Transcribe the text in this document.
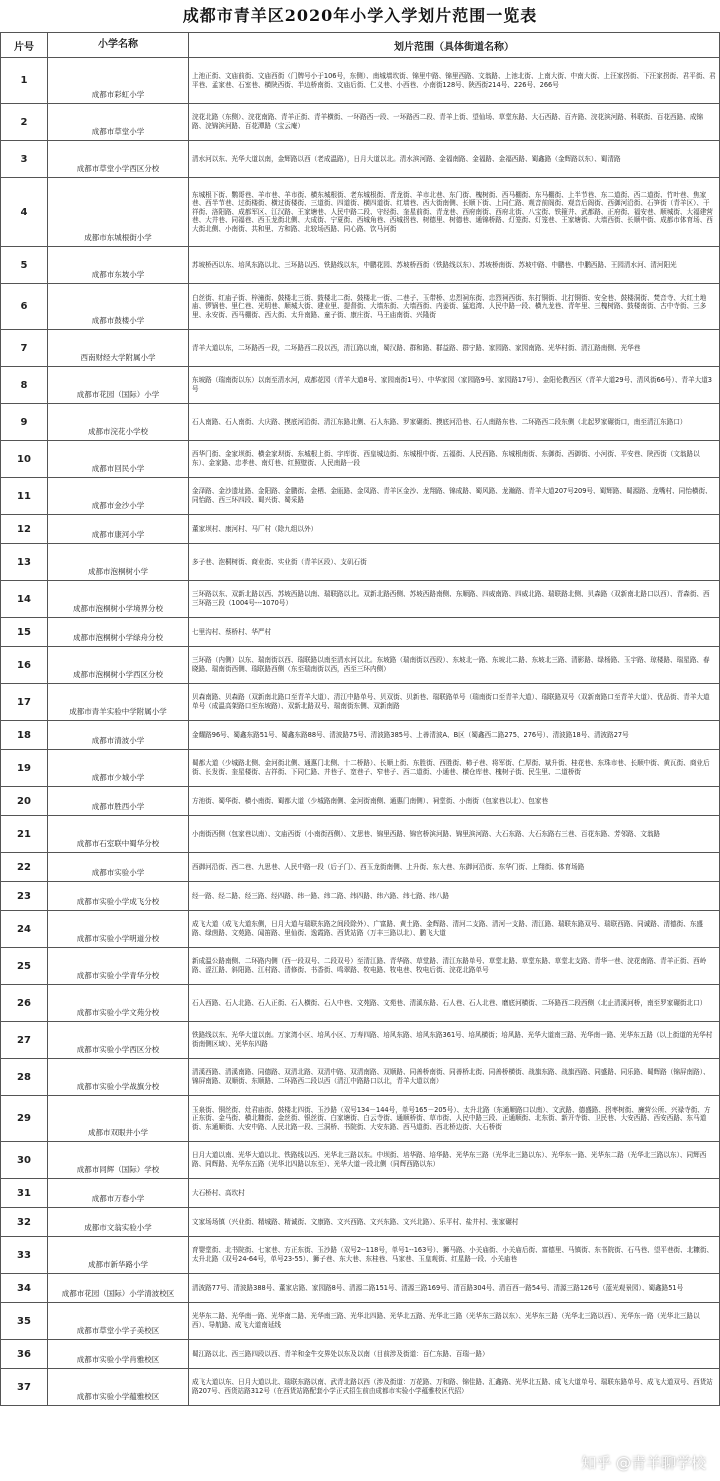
成都市青羊区2020年小学入学划片范围一览表
片号	小学名称	划片范围（具体街道名称）
1	成都市彩虹小学	上池正街、文庙前街、文庙西街（门牌号小于106号，东侧）、南城墙坎街、锦里中路、锦里西路、文翁路、上池北街、上南大街、中南大街、上汪家拐街、下汪家拐街、君平街、君平巷、孟家巷、石室巷、横陕西街、半边桥南街、文庙后街、仁义巷、小西巷、小南街128号、陕西街214号、226号、266号
2	成都市草堂小学	浣花北路（东侧）、浣花南路、青羊正街、青羊横街、一环路西一段、一环路西二段、青羊上街、望仙场、草堂东路、大石西路、百卉路、浣花滨河路、科联街、百花西路、成锦路、浣锦滨河路、百花潭路（宝云庵）
3	成都市草堂小学西区分校	清水河以东、光华大道以南，金辉路以西（老成温路），日月大道以北。清水滨河路、金福南路、金福路、金福西路、蜀鑫路（金辉路以东）、蜀清路
4	成都市东城根街小学	东城根下街、鹦哥巷、羊市巷、羊市街、横东城根街、老东城根街、青龙街、羊市北巷、东门街、槐树街、西马棚街、东马棚街、上半节巷、东二道街、西二道街、竹叶巷、焦家巷、西半节巷、过街楼街、横过街楼街、三道街、四道街、横四道街、红墙巷、西大街南侧、长顺下街、上同仁路、观音前阁街、观音后阁街、西御河沿街、石笋街（青羊区）、干祥街、洛阳路、成都军区、江汉路、王家塘巷、人民中路二段、守经街、奎星前街、青龙巷、西府南街、西府北街、八宝街、铁箍井、武都路、正府街、福安巷、顺城街、大福建营巷、大井巷、同福巷、西玉龙街北侧、大成街、宁夏街、西城角巷、西城拐巷、树德里、树德巷、通锦桥路、灯笼街、灯笼巷、王家塘街、大墙西街、长顺中街、成都市体育场、西大街北侧、小南街、共和里、方和路、北较场西路、同心路、饮马河街
5	成都市东坡小学	苏坡桥西以东、培风东路以北、三环路以西、铁路线以东，中鹏花园、苏坡桥西街（铁路线以东）、苏坡桥南街、苏坡中路、中鹏巷、中鹏西路、王园清水河、清河阳光
6	成都市鼓楼小学	白丝街、红庙子街、梓潼街、鼓楼北三街、鼓楼北二街、鼓楼北一街、二巷子、玉带桥、忠烈祠东街、忠烈祠西街、东打铜街、北打铜街、安全巷、鼓楼洞街、梵音寺、大红土地庙、锣锅巷、里仁巷、光明巷、顺城大街、建业里、提督街、大墙东街、大墙西街、内姜街、猛追湾、人民中路一段、横九龙巷、青年里、三槐树路、鼓楼南街、古中寺街、三多里、永安街、西马棚街、西大街、太升南路、童子街、康庄街、马王庙南街、兴隆街
7	西南财经大学附属小学	青羊大道以东，二环路西一段，二环路西二段以西，清江路以南，蜀汉路、群和路、群益路、群宁路、家园路、家园南路、光华村街、清江路南侧、光华巷
8	成都市花园（国际）小学	东坡路（瑞南街以东）以南至清水河，成都花园（青羊大道8号、家园南街1号）、中华家园（家园路9号、家园路17号）、金阳伦教西区（青羊大道29号、清风街66号）、青羊大道3号
9	成都市浣花小学校	石人南路、石人南街、大庆路、摸底河沿街、清江东路北侧、石人东路、罗家碾街、摸底河沿巷、石人南路东巷、二环路西二段东侧（北起罗家碾街口，南至清江东路口）
10	成都市回民小学	西华门街、金家坝街、横金家坝街、东城根上街、宇库街、西皇城边街、东城根中街、五福街、人民西路、东城根南街、东御街、西御街、小河街、平安巷、陕西街（文翁路以东）、金家路、忠孝巷、南灯巷、红照壁街、人民南路一段
11	成都市金沙小学	金泽路、金沙遗址路、金阳路、金鹏街、金栖、金瓯路、金凤路、青羊区金沙、龙翔路、锦成路、蜀风路、龙瀚路、青羊大道207号209号、蜀辉路、蜀源路、龙嘴村、同怡横街、同怡路、西三环四段、蜀兴街、蜀采路
12	成都市康河小学	董家坝村、康河村、马厂村（除九组以外）
13	成都市泡桐树小学	多子巷、泡桐树街、商业街、实业街（青羊区段）、支矶石街
14	成都市泡桐树小学境界分校	三环路以东、双新北路以西、苏坡西路以南、瑞联路以北。双新北路西侧、苏坡西路南侧、东顺路、四威南路、四威北路、瑞联路北侧、贝森路（双新南北路口以西）、青森街、西三环路三段（1004号---1070号）
15	成都市泡桐树小学绿舟分校	七里沟村、蔡桥村、华严村
16	成都市泡桐树小学西区分校	三环路（内侧）以东、瑞南街以西、瑞联路以南至清水河以北。东坡路（瑞南街以西段）、东坡北一路、东坡北二路、东坡北三路、清影路、绿杨路、玉宇路、琼楼路、瑞星路、春晓路、瑞南街西侧、瑞联路西侧（东至瑞南街以西，西至三环内侧）
17	成都市青羊实验中学附属小学	贝森南路、贝森路（双新南北路口至青羊大道）、清江中路单号、贝双街、贝新巷、瑞联路单号（瑞南街口至青羊大道）、瑞联路双号（双新南路口至青羊大道）、优品街、青羊大道单号（成温高架路口至东坡路）、双新北路双号、瑞南街东侧、双新南路
18	成都市清波小学	金耀路96号、蜀鑫东路51号、蜀鑫东路88号、清波路75号、清波路385号、上善清波A、B区（蜀鑫西二路275、276号）、清波路18号、清波路27号
19	成都市少城小学	蜀都大道（少城路北侧、金河街北侧、通惠门北侧、十二桥路）、长顺上街、东胜街、西胜街、柿子巷、将军街、仁厚街、斌升街、桂花巷、东珠市巷、长顺中街、黄瓦街、商业后街、长发街、奎星楼街、吉祥街、下同仁路、井巷子、宽巷子、窄巷子、西二道街、小通巷、横仓库巷、槐树子街、民生里、二道桥街
20	成都市胜西小学	方池街、蜀华街、横小南街、蜀都大道（少城路南侧、金河街南侧、通惠门南侧）、祠堂街、小南街（包家巷以北）、包家巷
21	成都市石室联中蜀华分校	小南街西侧（包家巷以南）、文庙西街（小南街西侧）、文思巷、锦里西路、锦官桥滨河路、锦里滨河路、大石东路、大石东路右三巷、百花东路、芳邻路、文翁路
22	成都市实验小学	西御河沿街、西二巷、九思巷、人民中路一段（后子门）、西玉龙街南侧、上升街、东大巷、东御河沿街、东华门街、上翔街、体育场路
23	成都市实验小学成飞分校	经一路、经二路、经三路、经四路、纬一路、纬二路、纬四路、纬六路、纬七路、纬八路
24	成都市实验小学明道分校	成飞大道（成飞大道东侧，日月大道与瑞联东路之间段除外）、广富路、黄土路、金辉路、清河二支路、清河一支路、清江路、瑞联东路双号、瑞联西路、同诚路、清德街、东盛路、绿茵路、文苑路、闻笛路、里仙街、逸霞路、西货站路（万丰三路以北）、鹏飞大道
25	成都市实验小学青华分校	新成温公路南侧、二环路内侧（西一段双号、二段双号）至清江路、青华路、草堂路、清江东路单号、草堂北路、草堂东路、草堂北支路、青华一巷、浣花南路、青羊正街、西岭路、涩江路、斜阳路、江村路、清修街、书香街、鸣翠路、牧电路、牧电巷、牧电后街、浣花北路单号
26	成都市实验小学文苑分校	石人西路、石人北路、石人正街、石人横街、石人中巷、文苑路、文苑巷、清溪东路、石人巷、石人北巷、磨底河横街、二环路西二段西侧（北止清溪河桥，南至罗家碾街北口）
27	成都市实验小学西区分校	铁路线以东、光华大道以南。万家湾小区、培风小区、万寿四路、培风东路、培风东路361号、培风横街；培风路、光华大道南三路、光华南一路、光华东五路（以上街道的光华村街南侧区域）、光华东四路
28	成都市实验小学战旗分校	清溪西路、清溪南路、同德路、双清北路、双清中路、双清南路、双顺路、同善桥南街、同善桥北街、同善桥横街、战旗东路、战旗西路、同盛路、同乐路、蜀辉路（锦屏南路）、锦屏南路、双顺街、东顺路、二环路西二段以西（清江中路路口以北，青羊大道以南）
29	成都市双眼井小学	玉泉街、铜丝街、灶君庙街、鼓楼北四街、玉沙路（双号134－144号，单号165－205号）、太升北路（东通顺路口以南）、文武路、德盛路、拐枣树街、廉营公所、兴禄寺街、方正东街、金马街、横北糠街、金丝街、银丝街、白家塘街、白云寺街、通顺桥街、草市街、人民中路三段、正通顺街、北东街、新开寺街、卫民巷、大安西路、西安西路、东马道街、东通顺街、大安中路、人民北路一段、三洞桥、书院街、大安东路、西马道街、西北桥边街、大石桥街
30	成都市同辉（国际）学校	日月大道以南、光华大道以北、铁路线以西、光华北三路以东。中坝街、培华路、培华路、光华东三路（光华北三路以东）、光华东一路、光华东二路（光华北三路以东）、同辉西路、同辉路、光华东五路（光华北四路以东至）、光华大道一段北侧（同辉西路以东）
31	成都市万春小学	大石桥村、高坎村
32	成都市文翁实验小学	文家场场镇（兴业街、精城路、精诚街、文康路、文兴西路、文兴东路、文兴北路）、乐平村、盐井村、张家碾村
33	成都市新华路小学	育婴堂街、北书院街、七家巷、方正东街、玉沙路（双号2--118号，单号1--163号）、狮马路、小关庙街、小关庙后街、富德里、马镇街、东书院街、石马巷、望平巷街、北糠街、太升北路（双号24-64号，单号23-55）、狮子巷、东大巷、东桂巷、马家巷、玉皇观街、红星路一段、小关庙巷
34	成都市花园（国际）小学清波校区	清波路77号、清波路388号、董家店路、家园路8号、清源二路151号、清源三路169号、清百路304号、清百西一路54号、清源三路126号（蓝光观景园）、蜀鑫路51号
35	成都市草堂小学子美校区	光华东二路、光华南一路、光华南二路、光华南三路、光华北四路、光华北五路、光华北三路（光华东三路以东）、光华东三路（光华北三路以西）、光华东一路（光华北三路以西）、导航路、成飞大道南延线
36	成都市实验小学肖雅校区	蜀江路以北、西三路四段以西、青羊和金牛交界处以东及以南（目前涉及街道：百仁东路、百瑞一路）
37	成都市实验小学蕴雅校区	成飞大道以东、日月大道以北、瑞联东路以南、武青北路以西（涉及街道：万花路、万和路、锦佳路、汇鑫路、光华北五路、成飞大道单号、瑞联东路单号、成飞大道双号、西货站路207号、西货站路312号（在西货站路配套小学正式招生前由成都市实验小学蕴雅校区代招）
知乎 @青羊聊学校
